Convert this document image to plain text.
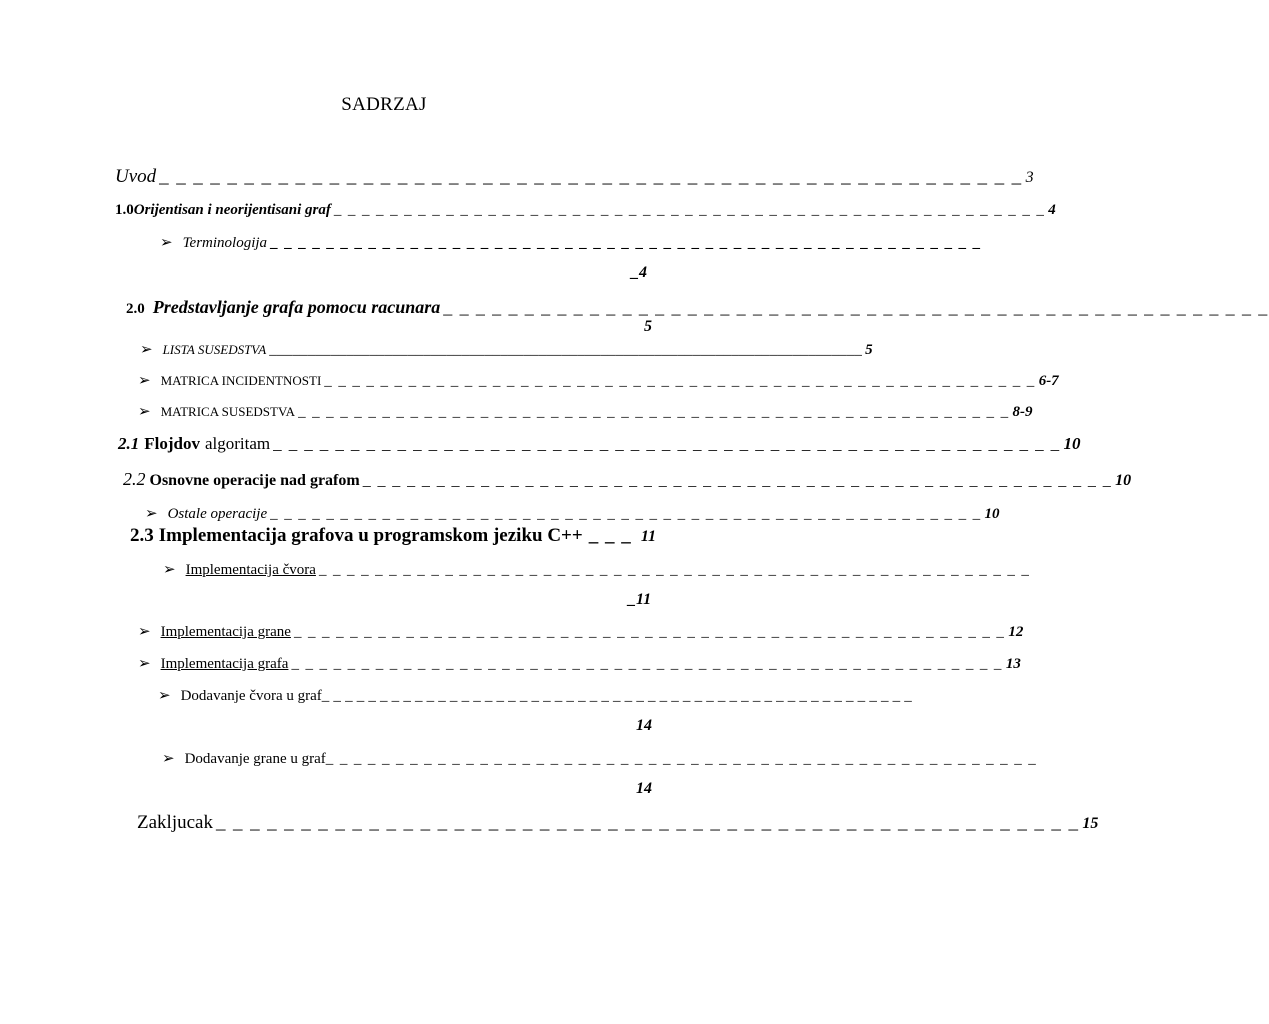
SADRZAJ
Uvod _ _ _ _ _ _ _ _ _ _ _ _ _ _ _ _ _ _ _ _ _ _ _ _ _ _ _ _ _ _ _ _ _ _ _ _ _ _ _ _ _ _ _ _ _ _ _ _ _ _ _ 3
1.0 Orijentisan i neorijentisani graf _ _ _ _ _ _ _ _ _ _ _ _ _ _ _ _ _ _ _ _ _ _ _ _ _ _ _ _ _ _ _ _ _ _ _ _ _ _ _ _ _ _ _ _ _ _ _ _ _ _ _ 4
➢ Terminologija _ _ _ _ _ _ _ _ _ _ _ _ _ _ _ _ _ _ _ _ _ _ _ _ _ _ _ _ _ _ _ _ _ _ _ _ _ _ _ _ _ _ _ _ _ _ _ _ _ _ _
_4
2.0 Predstavljanje grafa pomocu racunara _ _ _ _ _ _ _ _ _ _ _ _ _ _ _ _ _ _ _ _ _ _ _ _ _ _ _ _ _ _ _ _ _ _ _ _ _ _ _ _ _ _ _ _ _ _ _ _ _ _ _
5
➢ LISTA SUSEDSTVA _____________________________________________________________________________ 5
➢ MATRICA INCIDENTNOSTI _ _ _ _ _ _ _ _ _ _ _ _ _ _ _ _ _ _ _ _ _ _ _ _ _ _ _ _ _ _ _ _ _ _ _ _ _ _ _ _ _ _ _ _ _ _ _ _ _ _ _ 6-7
➢ MATRICA SUSEDSTVA _ _ _ _ _ _ _ _ _ _ _ _ _ _ _ _ _ _ _ _ _ _ _ _ _ _ _ _ _ _ _ _ _ _ _ _ _ _ _ _ _ _ _ _ _ _ _ _ _ _ _ 8-9
2.1 Flojdov algoritam _ _ _ _ _ _ _ _ _ _ _ _ _ _ _ _ _ _ _ _ _ _ _ _ _ _ _ _ _ _ _ _ _ _ _ _ _ _ _ _ _ _ _ _ _ _ _ _ _ _ _ 10
2.2 Osnovne operacije nad grafom _ _ _ _ _ _ _ _ _ _ _ _ _ _ _ _ _ _ _ _ _ _ _ _ _ _ _ _ _ _ _ _ _ _ _ _ _ _ _ _ _ _ _ _ _ _ _ _ _ _ _ 10
➢ Ostale operacije _ _ _ _ _ _ _ _ _ _ _ _ _ _ _ _ _ _ _ _ _ _ _ _ _ _ _ _ _ _ _ _ _ _ _ _ _ _ _ _ _ _ _ _ _ _ _ _ _ _ _ 10
2.3 Implementacija grafova u programskom jeziku C++ _ _ _ 11
➢ Implementacija čvora _ _ _ _ _ _ _ _ _ _ _ _ _ _ _ _ _ _ _ _ _ _ _ _ _ _ _ _ _ _ _ _ _ _ _ _ _ _ _ _ _ _ _ _ _ _ _ _ _ _ _
_11
➢ Implementacija grane _ _ _ _ _ _ _ _ _ _ _ _ _ _ _ _ _ _ _ _ _ _ _ _ _ _ _ _ _ _ _ _ _ _ _ _ _ _ _ _ _ _ _ _ _ _ _ _ _ _ _ 12
➢ Implementacija grafa _ _ _ _ _ _ _ _ _ _ _ _ _ _ _ _ _ _ _ _ _ _ _ _ _ _ _ _ _ _ _ _ _ _ _ _ _ _ _ _ _ _ _ _ _ _ _ _ _ _ _ 13
➢ Dodavanje čvora u graf _ _ _ _ _ _ _ _ _ _ _ _ _ _ _ _ _ _ _ _ _ _ _ _ _ _ _ _ _ _ _ _ _ _ _ _ _ _ _ _ _ _ _ _ _ _ _ _ _ _ _
14
➢ Dodavanje grane u graf _ _ _ _ _ _ _ _ _ _ _ _ _ _ _ _ _ _ _ _ _ _ _ _ _ _ _ _ _ _ _ _ _ _ _ _ _ _ _ _ _ _ _ _ _ _ _ _ _ _ _
14
Zakljucak _ _ _ _ _ _ _ _ _ _ _ _ _ _ _ _ _ _ _ _ _ _ _ _ _ _ _ _ _ _ _ _ _ _ _ _ _ _ _ _ _ _ _ _ _ _ _ _ _ _ _ 15
